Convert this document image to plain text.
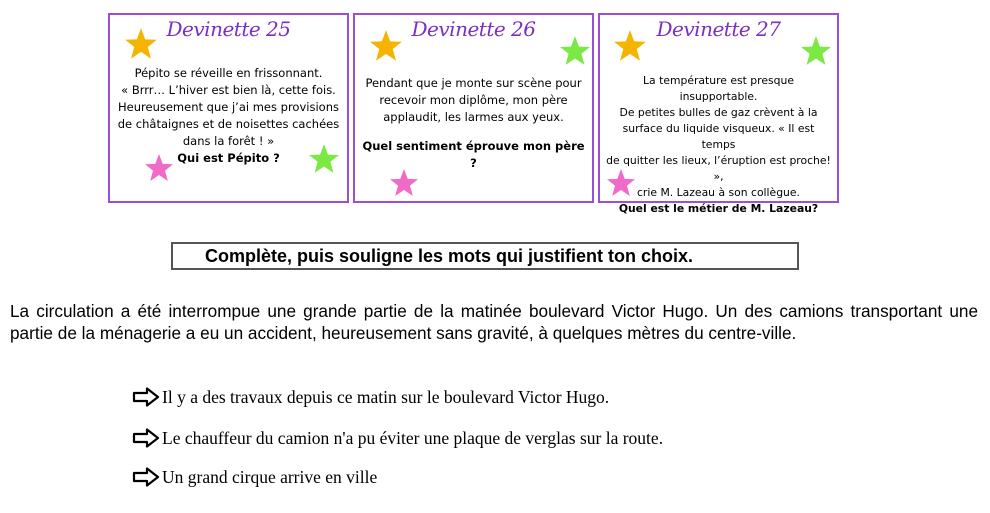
Devinette 25

Pépito se réveille en frissonnant.

« Brrr… L’hiver est bien là, cette fois.

Heureusement que j’ai mes provisions

de châtaignes et de noisettes cachées

dans la forêt ! »

Qui est Pépito ?

Devinette 26

Pendant que je monte sur scène pour

recevoir mon diplôme, mon père

applaudit, les larmes aux yeux.

Quel sentiment éprouve mon père ?

Devinette 27

La température est presque insupportable.

De petites bulles de gaz crèvent à la

surface du liquide visqueux. « Il est temps

de quitter les lieux, l’éruption est proche! »,

crie M. Lazeau à son collègue.

Quel est le métier de M. Lazeau?

Complète, puis souligne les mots qui justifient ton choix.
La circulation a été interrompue une grande partie de la matinée boulevard Victor Hugo. Un des camions transportant une partie de la ménagerie a eu un accident, heureusement sans gravité, à quelques mètres du centre-ville.
Il y a des travaux depuis ce matin sur le boulevard Victor Hugo.
Le chauffeur du camion n'a pu éviter une plaque de verglas sur la route.
Un grand cirque arrive en ville
